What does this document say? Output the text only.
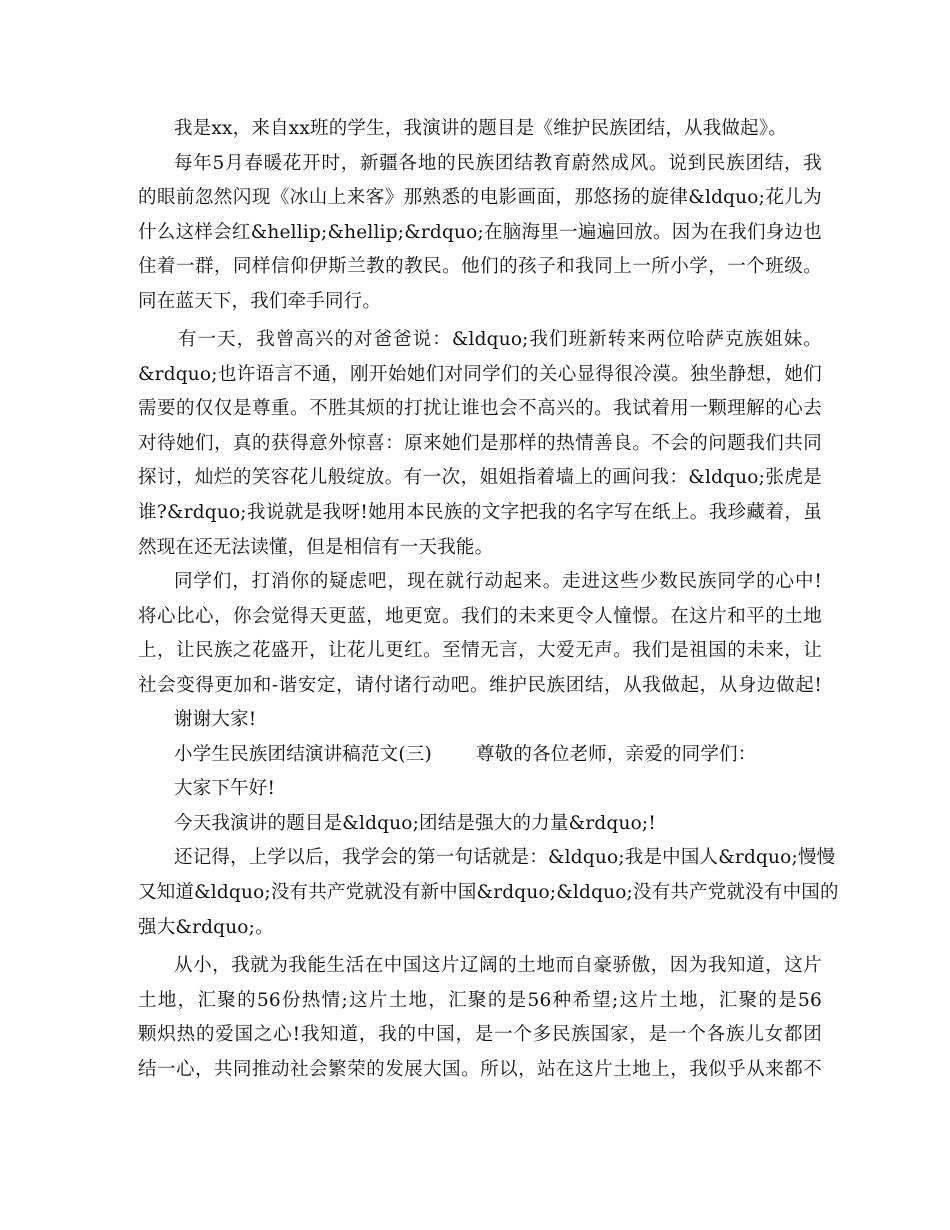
我是xx，来自xx班的学生，我演讲的题目是《维护民族团结，从我做起》。
每年5月春暖花开时，新疆各地的民族团结教育蔚然成风。说到民族团结，我
的眼前忽然闪现《冰山上来客》那熟悉的电影画面，那悠扬的旋律&ldquo;花儿为
什么这样会红&hellip;&hellip;&rdquo;在脑海里一遍遍回放。因为在我们身边也
住着一群，同样信仰伊斯兰教的教民。他们的孩子和我同上一所小学，一个班级。
同在蓝天下，我们牵手同行。
有一天，我曾高兴的对爸爸说：&ldquo;我们班新转来两位哈萨克族姐妹。
&rdquo;也许语言不通，刚开始她们对同学们的关心显得很冷漠。独坐静想，她们
需要的仅仅是尊重。不胜其烦的打扰让谁也会不高兴的。我试着用一颗理解的心去
对待她们，真的获得意外惊喜：原来她们是那样的热情善良。不会的问题我们共同
探讨，灿烂的笑容花儿般绽放。有一次，姐姐指着墙上的画问我：&ldquo;张虎是
谁?&rdquo;我说就是我呀!她用本民族的文字把我的名字写在纸上。我珍藏着，虽
然现在还无法读懂，但是相信有一天我能。
同学们，打消你的疑虑吧，现在就行动起来。走进这些少数民族同学的心中!
将心比心，你会觉得天更蓝，地更宽。我们的未来更令人憧憬。在这片和平的土地
上，让民族之花盛开，让花儿更红。至情无言，大爱无声。我们是祖国的未来，让
社会变得更加和-谐安定，请付诸行动吧。维护民族团结，从我做起，从身边做起!
谢谢大家!
小学生民族团结演讲稿范文(三) 尊敬的各位老师，亲爱的同学们：
大家下午好!
今天我演讲的题目是&ldquo;团结是强大的力量&rdquo;!
还记得，上学以后，我学会的第一句话就是：&ldquo;我是中国人&rdquo;慢慢
又知道&ldquo;没有共产党就没有新中国&rdquo;&ldquo;没有共产党就没有中国的
强大&rdquo;。
从小，我就为我能生活在中国这片辽阔的土地而自豪骄傲，因为我知道，这片
土地，汇聚的56份热情;这片土地，汇聚的是56种希望;这片土地，汇聚的是56
颗炽热的爱国之心!我知道，我的中国，是一个多民族国家，是一个各族儿女都团
结一心，共同推动社会繁荣的发展大国。所以，站在这片土地上，我似乎从来都不
